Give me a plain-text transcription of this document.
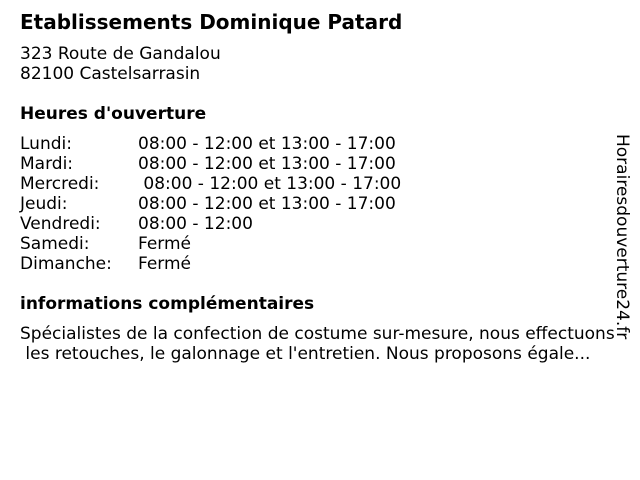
Etablissements Dominique Patard
323 Route de Gandalou
82100 Castelsarrasin
Heures d'ouverture
Lundi:	08:00 - 12:00 et 13:00 - 17:00
Mardi:	08:00 - 12:00 et 13:00 - 17:00
Mercredi: 08:00 - 12:00 et 13:00 - 17:00
Jeudi:	08:00 - 12:00 et 13:00 - 17:00
Vendredi: 08:00 - 12:00
Samedi:	Fermé
Dimanche: Fermé
informations complémentaires
Spécialistes de la confection de costume sur-mesure, nous effectuons
les retouches, le galonnage et l'entretien. Nous proposons égale...
Horairesdouverture24.fr
